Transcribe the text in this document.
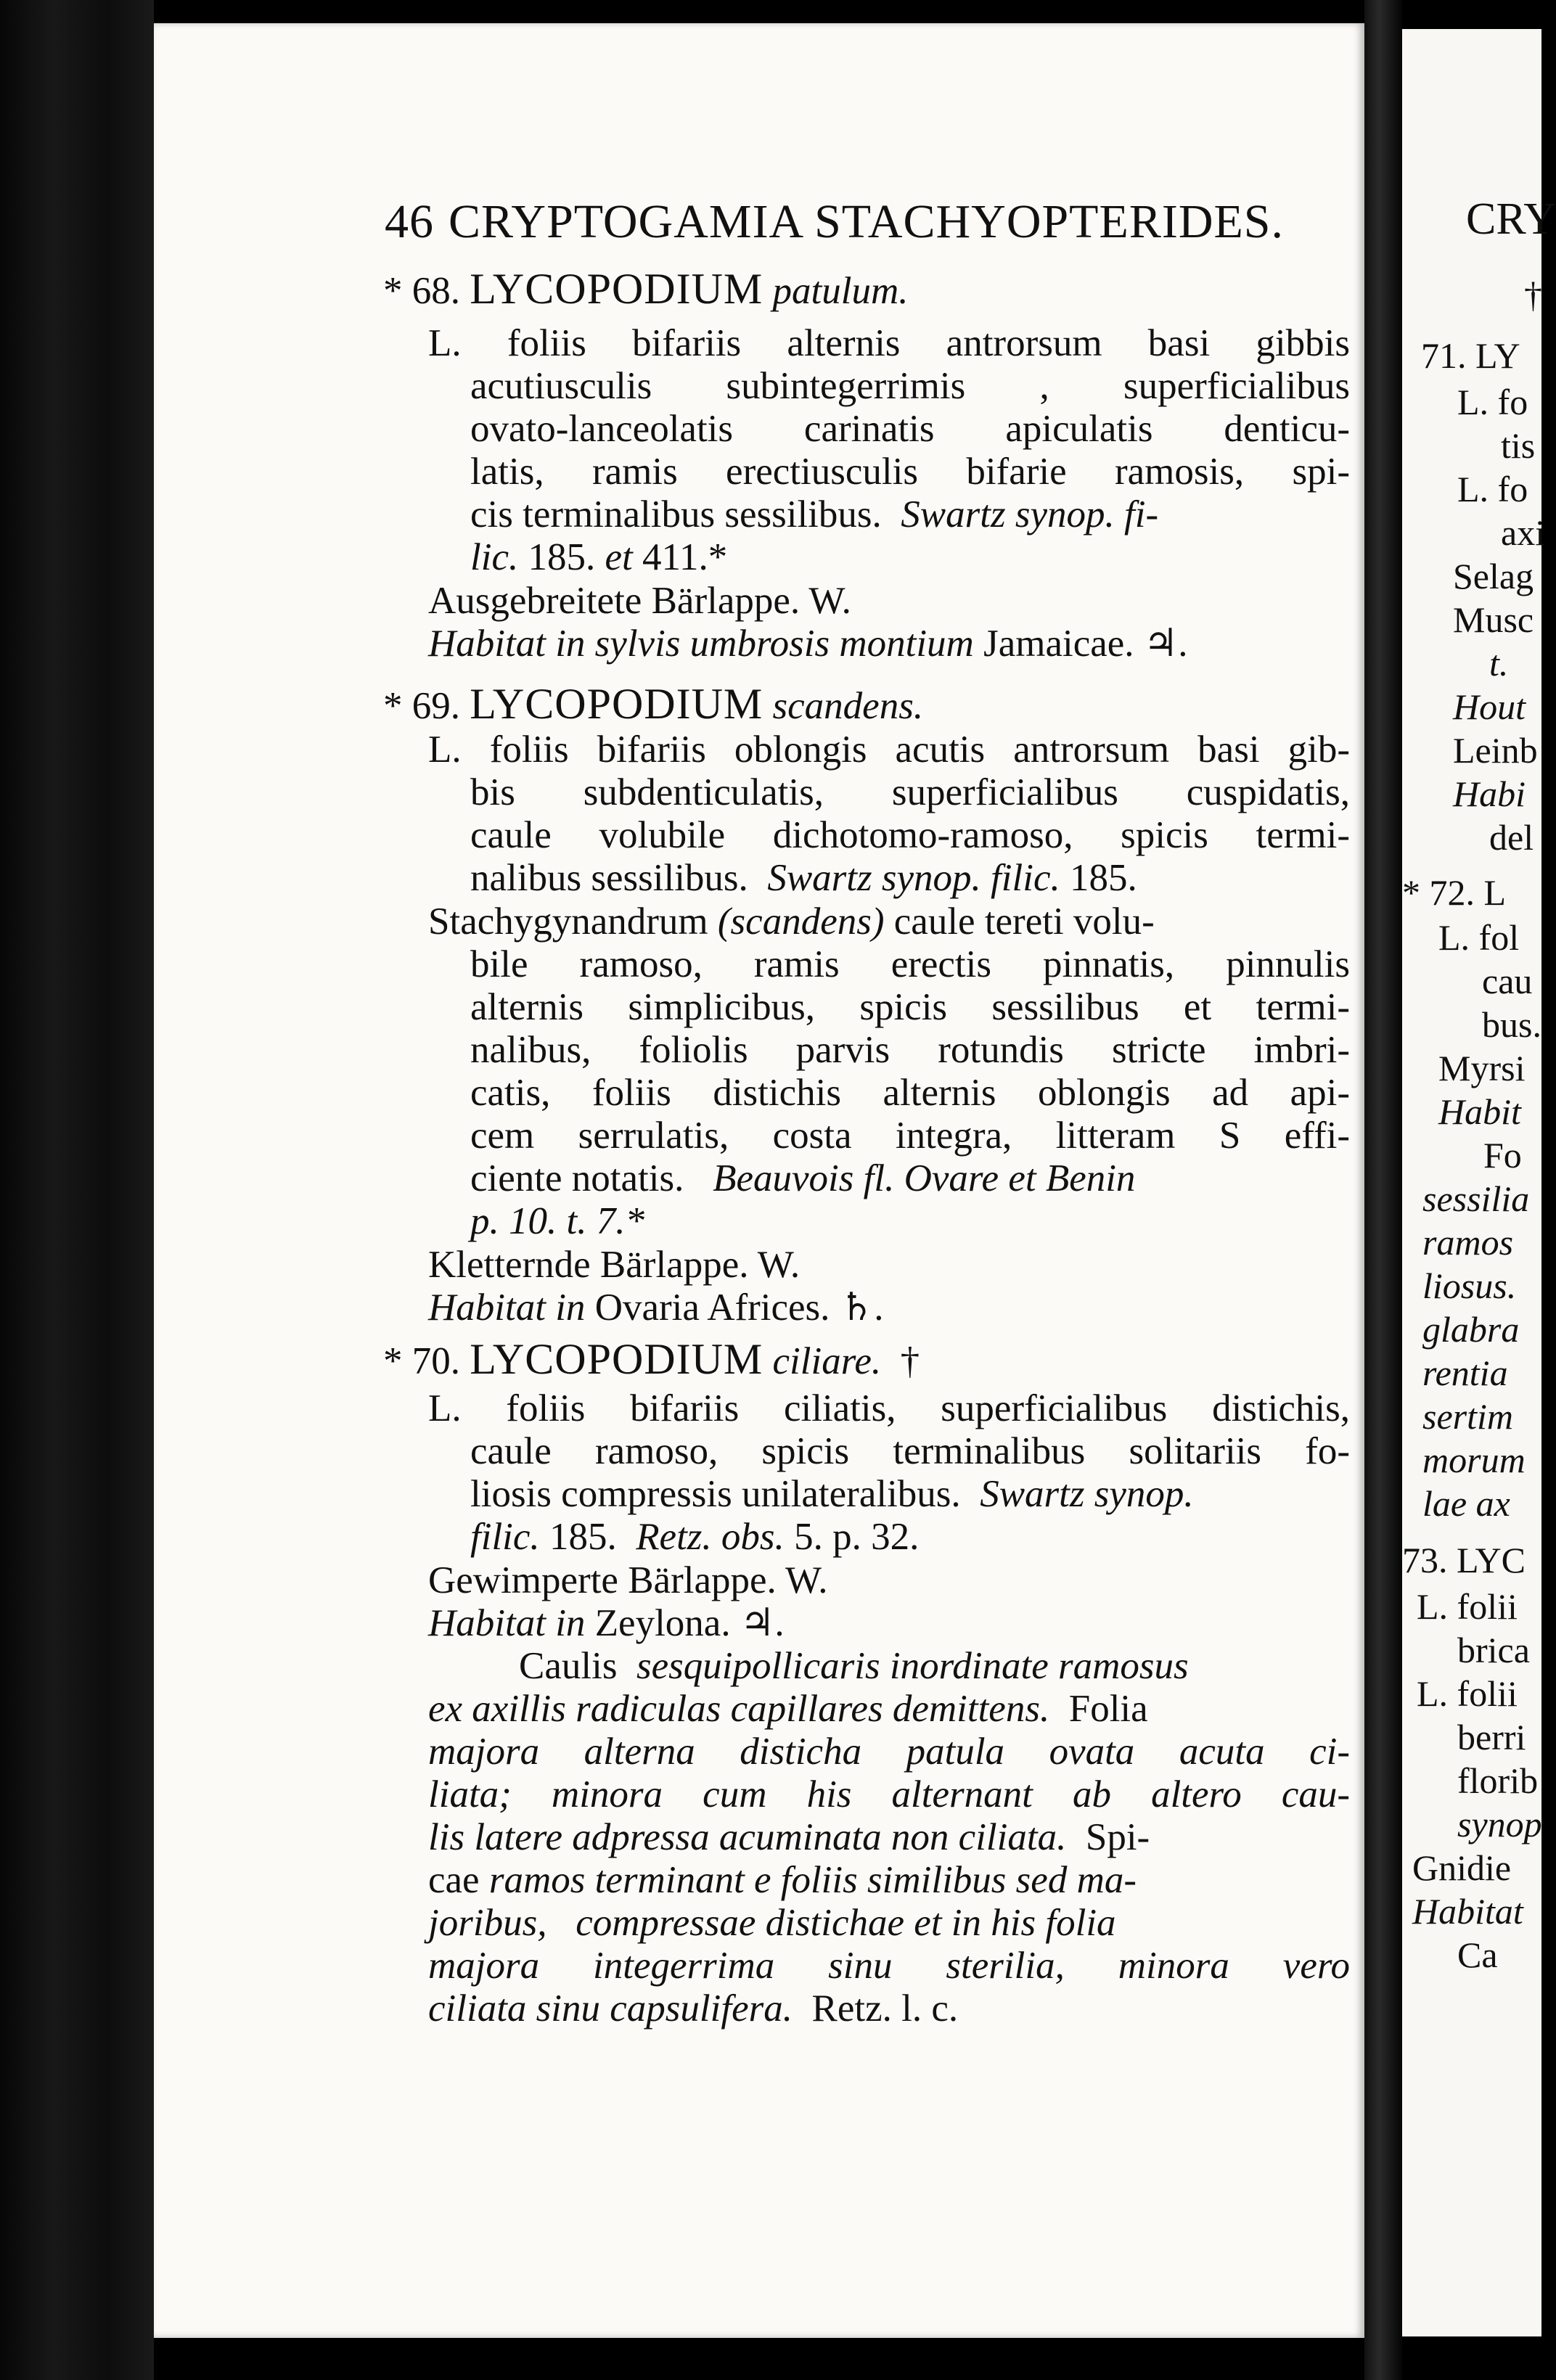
46 CRYPTOGAMIA STACHYOPTERIDES.
* 68. LYCOPODIUM patulum.
L. foliis bifariis alternis antrorsum basi gibbis
acutiusculis subintegerrimis , superficialibus
ovato-lanceolatis carinatis apiculatis denticu-
latis, ramis erectiusculis bifarie ramosis, spi-
cis terminalibus sessilibus. Swartz synop. fi-
lic. 185. et 411.*
Ausgebreitete Bärlappe. W.
Habitat in sylvis umbrosis montium Jamaicae. ♃.
* 69. LYCOPODIUM scandens.
L. foliis bifariis oblongis acutis antrorsum basi gib-
bis subdenticulatis, superficialibus cuspidatis,
caule volubile dichotomo-ramoso, spicis termi-
nalibus sessilibus. Swartz synop. filic. 185.
Stachygynandrum (scandens) caule tereti volu-
bile ramoso, ramis erectis pinnatis, pinnulis
alternis simplicibus, spicis sessilibus et termi-
nalibus, foliolis parvis rotundis stricte imbri-
catis, foliis distichis alternis oblongis ad api-
cem serrulatis, costa integra, litteram S effi-
ciente notatis. Beauvois fl. Ovare et Benin
p. 10. t. 7.*
Kletternde Bärlappe. W.
Habitat in Ovaria Africes. ♄.
* 70. LYCOPODIUM ciliare. †
L. foliis bifariis ciliatis, superficialibus distichis,
caule ramoso, spicis terminalibus solitariis fo-
liosis compressis unilateralibus. Swartz synop.
filic. 185. Retz. obs. 5. p. 32.
Gewimperte Bärlappe. W.
Habitat in Zeylona. ♃.
Caulis sesquipollicaris inordinate ramosus
ex axillis radiculas capillares demittens. Folia
majora alterna disticha patula ovata acuta ci-
liata; minora cum his alternant ab altero cau-
lis latere adpressa acuminata non ciliata. Spi-
cae ramos terminant e foliis similibus sed ma-
joribus, compressae distichae et in his folia
majora integerrima sinu sterilia, minora vero
ciliata sinu capsulifera. Retz. l. c.
CRY
†
71. LY
L. fo
tis
L. fo
axi
Selag
Musc
t.
Hout
Leinb
Habi
del
* 72. L
L. fol
cau
bus.
Myrsi
Habit
Fo
sessilia
ramos
liosus.
glabra
rentia
sertim
morum
lae ax
73. LYC
L. folii
brica
L. folii
berri
florib
synop
Gnidie
Habitat
Ca
